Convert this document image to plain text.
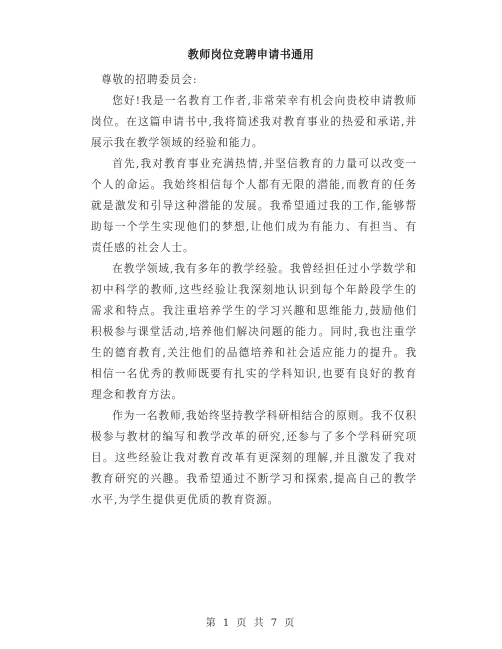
教师岗位竞聘申请书通用

尊敬的招聘委员会:

您好!我是一名教育工作者,非常荣幸有机会向贵校申请教师岗位。在这篇申请书中,我将简述我对教育事业的热爱和承诺,并展示我在教学领域的经验和能力。

首先,我对教育事业充满热情,并坚信教育的力量可以改变一个人的命运。我始终相信每个人都有无限的潜能,而教育的任务就是激发和引导这种潜能的发展。我希望通过我的工作,能够帮助每一个学生实现他们的梦想,让他们成为有能力、有担当、有责任感的社会人士。

在教学领域,我有多年的教学经验。我曾经担任过小学数学和初中科学的教师,这些经验让我深刻地认识到每个年龄段学生的需求和特点。我注重培养学生的学习兴趣和思维能力,鼓励他们积极参与课堂活动,培养他们解决问题的能力。同时,我也注重学生的德育教育,关注他们的品德培养和社会适应能力的提升。我相信一名优秀的教师既要有扎实的学科知识,也要有良好的教育理念和教育方法。

作为一名教师,我始终坚持教学科研相结合的原则。我不仅积极参与教材的编写和教学改革的研究,还参与了多个学科研究项目。这些经验让我对教育改革有更深刻的理解,并且激发了我对教育研究的兴趣。我希望通过不断学习和探索,提高自己的教学水平,为学生提供更优质的教育资源。

第 1 页 共 7 页
